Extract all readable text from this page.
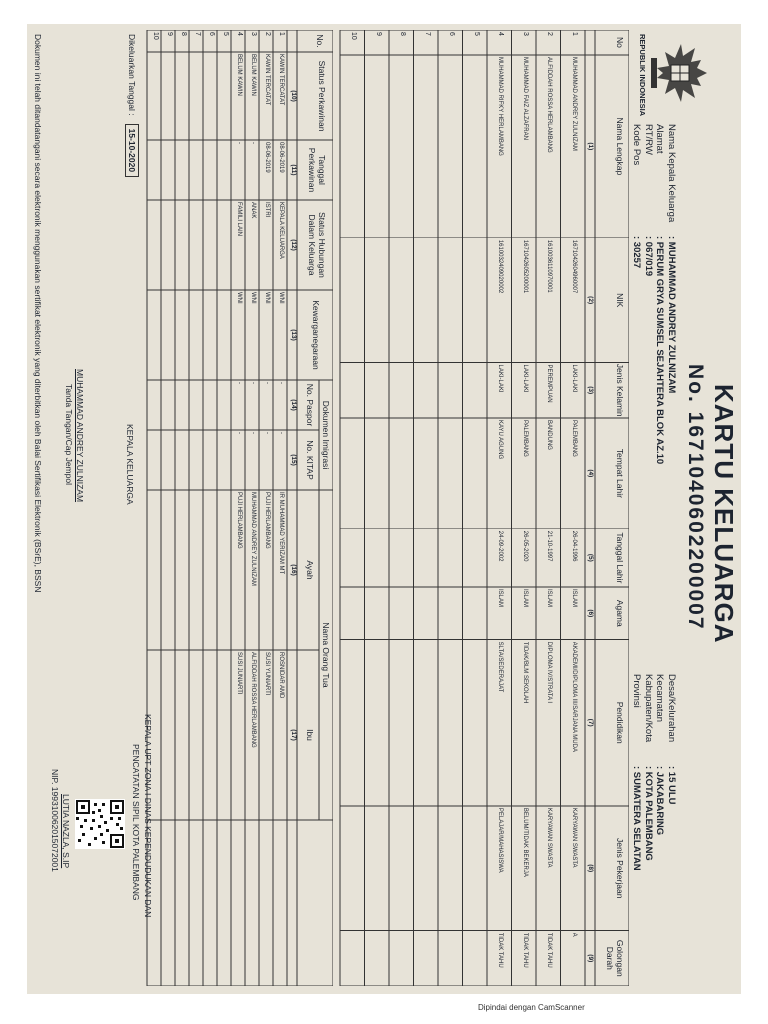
REPUBLIK INDONESIA
KARTU KELUARGA
No. 1671040602200007
Nama Kepala Keluarga
: MUHAMMAD ANDREY ZULNIZAM
Alamat
: PERUM GRYA SUMSEL SEJAHTERA BLOK AZ.10
RT/RW
: 067/019
Kode Pos
: 30257
Desa/Kelurahan
: 15 ULU
Kecamatan
: JAKABARING
Kabupaten/Kota
: KOTA PALEMBANG
Provinsi
: SUMATERA SELATAN
No
Nama Lengkap
NIK
Jenis Kelamin
Tempat Lahir
Tanggal Lahir
Agama
Pendidikan
Jenis Pekerjaan
Golongan Darah
(1)
(2)
(3)
(4)
(5)
(6)
(7)
(8)
(9)
1
MUHAMMAD ANDREY ZULNIZAM
1671042604960007
LAKI-LAKI
PALEMBANG
26-04-1996
ISLAM
AKADEMI/DIPLOMA III/SARJANA MUDA
KARYAWAN SWASTA
A
2
ALFIDDAH ROSSA HERLAMBANG
1610036110970001
PEREMPUAN
BANDUNG
21-10-1997
ISLAM
DIPLOMA IV/STRATA I
KARYAWAN SWASTA
TIDAK TAHU
3
MUHAMMAD FAIZ ALZAFRAN
1671042605200001
LAKI-LAKI
PALEMBANG
26-05-2020
ISLAM
TIDAK/BLM SEKOLAH
BELUM/TIDAK BEKERJA
TIDAK TAHU
4
MUHAMMAD RIFKY HERLAMBANG
1610032409020002
LAKI-LAKI
KAYU AGUNG
24-09-2002
ISLAM
SLTA/SEDERAJAT
PELAJAR/MAHASISWA
TIDAK TAHU
5
6
7
8
9
10
No.
Status Perkawinan
Tanggal Perkawinan
Status Hubungan Dalam Keluarga
Kewarganegaraan
Dokumen Imigrasi
No. Paspor
No. KITAP
Nama Orang Tua
Ayah
Ibu
(10)
(11)
(12)
(13)
(14)
(15)
(16)
(17)
1
KAWIN TERCATAT
08-06-2019
KEPALA KELUARGA
WNI
-
-
IR MUHAMMAD YERIZAM MT
ROSNIDAR AMD
2
KAWIN TERCATAT
08-06-2019
ISTRI
WNI
-
-
PUJI HERLAMBANG
SUSI YUNIARTI
3
BELUM KAWIN
-
ANAK
WNI
-
-
MUHAMMAD ANDREY ZULNIZAM
ALFIDDAH ROSSA HERLAMBANG
4
BELUM KAWIN
-
FAMILI LAIN
WNI
-
-
PUJI HERLAMBANG
SUSI JUNIARTI
5
6
7
8
9
10
Dikeluarkan Tanggal :
15-10-2020
KEPALA KELUARGA
MUHAMMAD ANDREY ZULNIZAM
Tanda Tangan/Cap Jempol
KEPALA UPT ZONA I DINAS KEPENDUDUKAN DAN
PENCATATAN SIPIL KOTA PALEMBANG
LUTIA NAZLA, S.IP
NIP. 199310062015072001
Dokumen ini telah ditandatangani secara elektronik menggunakan sertifikat elektronik yang diterbitkan oleh Balai Sertifikasi Elektronik (BSrE), BSSN
Dipindai dengan CamScanner
